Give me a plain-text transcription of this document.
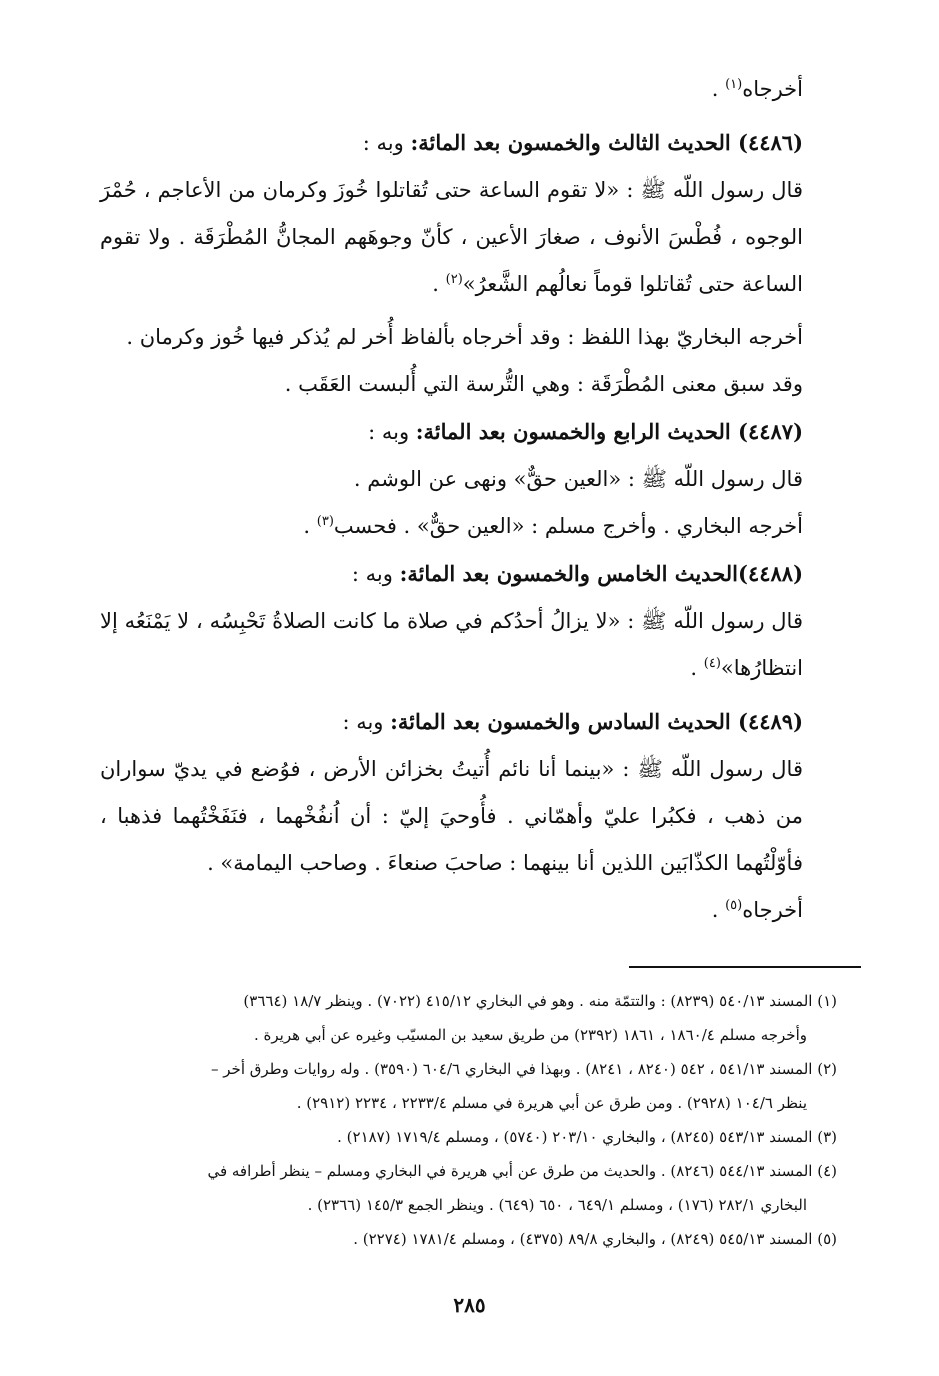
أخرجاه$^{(١)}$ .

(٤٤٨٦) الحديث الثالث والخمسون بعد المائة: وبه :

قال رسول اللّه ﷺ : «لا تقوم الساعة حتى تُقاتلوا خُوزَ وكرمان من الأعاجم ، حُمْرَ الوجوه ، فُطْسَ الأنوف ، صغارَ الأعين ، كأنّ وجوهَهم المجانُّ المُطْرَقَة . ولا تقوم الساعة حتى تُقاتلوا قوماً نعالُهم الشَّعرُ»$^{(٢)}$ .

أخرجه البخاريّ بهذا اللفظ : وقد أخرجاه بألفاظ أُخر لم يُذكر فيها خُوز وكرمان .

وقد سبق معنى المُطْرَقَة : وهي التُّرسة التي أُلبست العَقَب .

(٤٤٨٧) الحديث الرابع والخمسون بعد المائة: وبه :

قال رسول اللّه ﷺ : «العين حقٌّ» ونهى عن الوشم .

أخرجه البخاري . وأخرج مسلم : «العين حقٌّ» . فحسب$^{(٣)}$ .

(٤٤٨٨)الحديث الخامس والخمسون بعد المائة: وبه :

قال رسول اللّه ﷺ : «لا يزالُ أحدُكم في صلاة ما كانت الصلاةُ تَحْبِسُه ، لا يَمْنَعُه إلا انتظارُها»$^{(٤)}$ .

(٤٤٨٩) الحديث السادس والخمسون بعد المائة: وبه :

قال رسول اللّه ﷺ : «بينما أنا نائم أُتيتُ بخزائن الأرض ، فوُضع في يديّ سواران من ذهب ، فكبُرا عليّ وأهمّاني . فأُوحيَ إليّ : أن اُنفُخْهما ، فنَفَخْتُهما فذهبا ، فأوّلْتُهما الكذّابَين اللذين أنا بينهما : صاحبَ صنعاءَ . وصاحب اليمامة» .

أخرجاه$^{(٥)}$ .

(١) المسند ٥٤٠/١٣ (٨٢٣٩) : والتتمّة منه . وهو في البخاري ٤١٥/١٢ (٧٠٢٢) . وينظر ١٨/٧ (٣٦٦٤)

وأخرجه مسلم ١٨٦٠/٤ ، ١٨٦١ (٢٣٩٢) من طريق سعيد بن المسيّب وغيره عن أبي هريرة .

(٢) المسند ٥٤١/١٣ ، ٥٤٢ (٨٢٤٠ ، ٨٢٤١) . وبهذا في البخاري ٦٠٤/٦ (٣٥٩٠) . وله روايات وطرق أخر –

ينظر ١٠٤/٦ (٢٩٢٨) . ومن طرق عن أبي هريرة في مسلم ٢٢٣٣/٤ ، ٢٢٣٤ (٢٩١٢) .

(٣) المسند ٥٤٣/١٣ (٨٢٤٥) ، والبخاري ٢٠٣/١٠ (٥٧٤٠) ، ومسلم ١٧١٩/٤ (٢١٨٧) .

(٤) المسند ٥٤٤/١٣ (٨٢٤٦) . والحديث من طرق عن أبي هريرة في البخاري ومسلم – ينظر أطرافه في

البخاري ٢٨٢/١ (١٧٦) ، ومسلم ٦٤٩/١ ، ٦٥٠ (٦٤٩) . وينظر الجمع ١٤٥/٣ (٢٣٦٦) .

(٥) المسند ٥٤٥/١٣ (٨٢٤٩) ، والبخاري ٨٩/٨ (٤٣٧٥) ، ومسلم ١٧٨١/٤ (٢٢٧٤) .

٢٨٥
